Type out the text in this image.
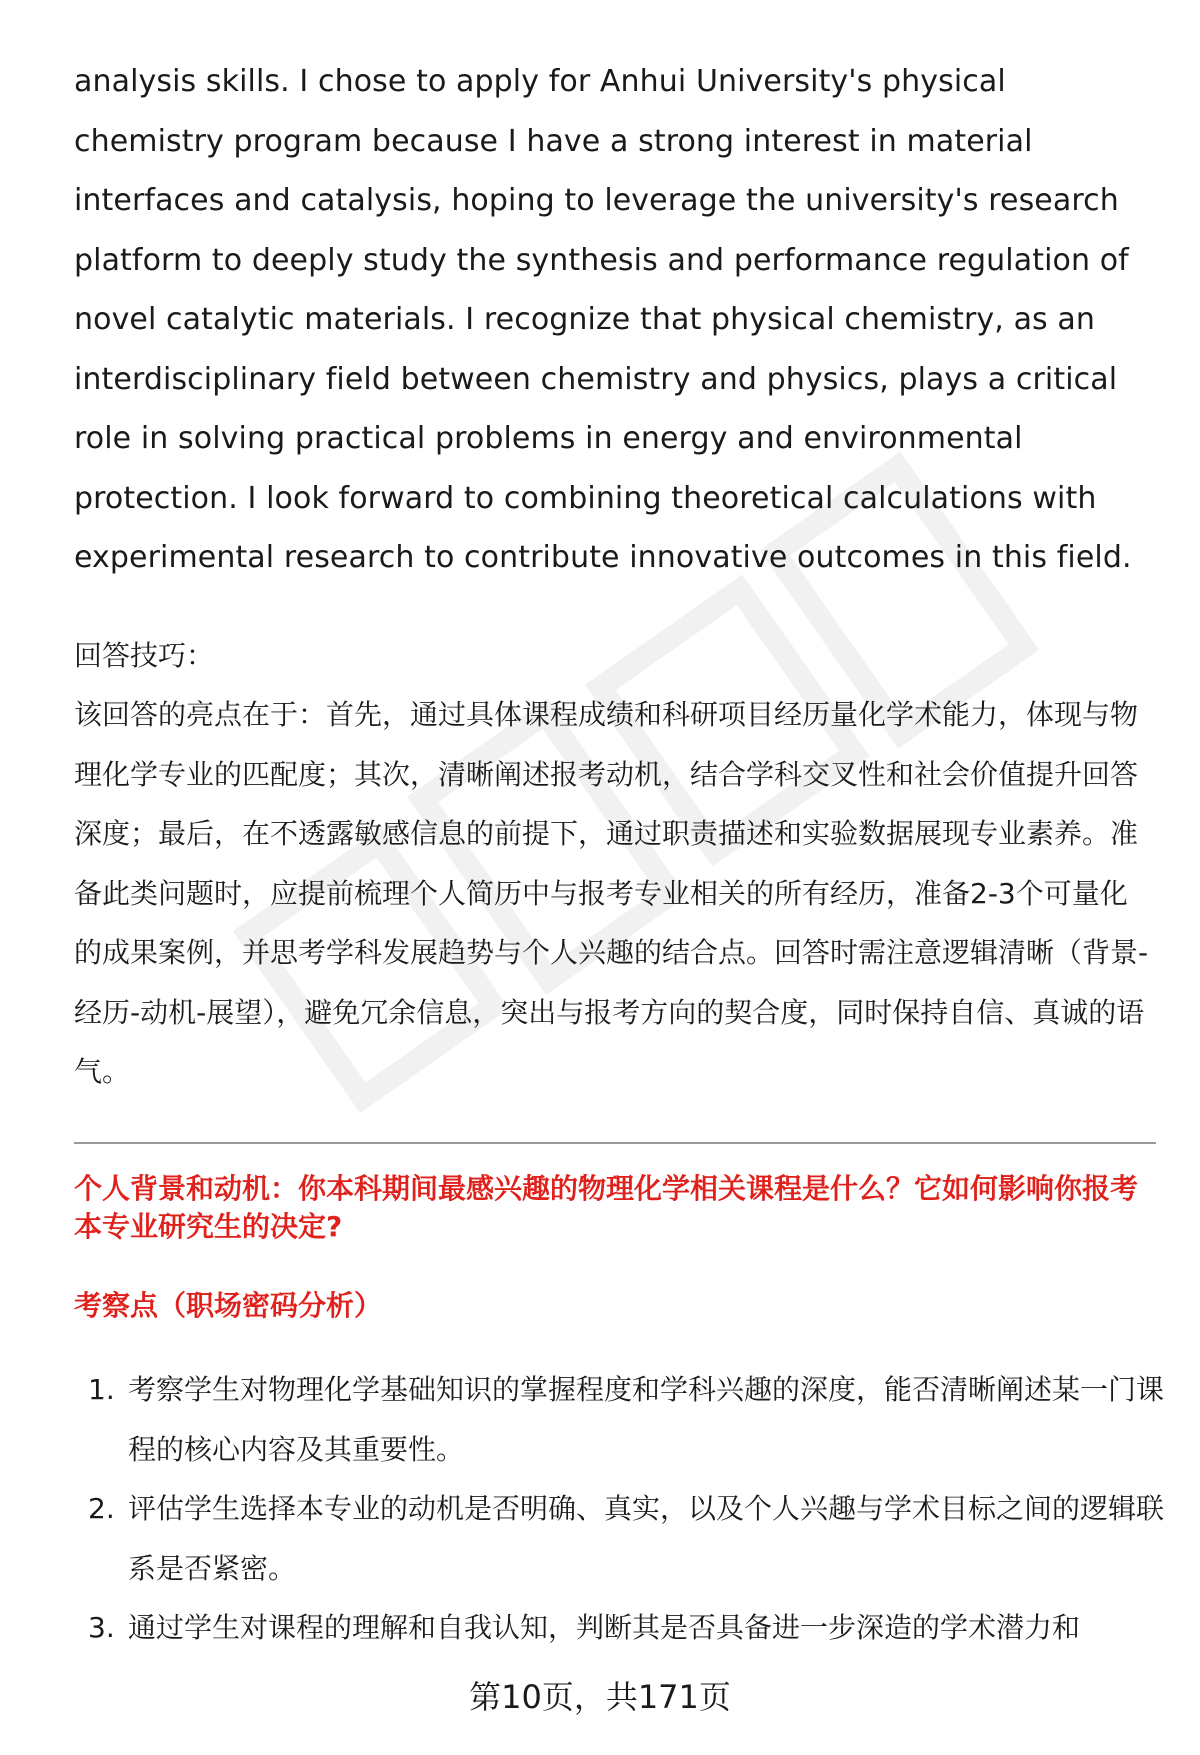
analysis skills. I chose to apply for Anhui University's physical chemistry program because I have a strong interest in material interfaces and catalysis, hoping to leverage the university's research platform to deeply study the synthesis and performance regulation of novel catalytic materials. I recognize that physical chemistry, as an interdisciplinary field between chemistry and physics, plays a critical role in solving practical problems in energy and environmental protection. I look forward to combining theoretical calculations with experimental research to contribute innovative outcomes in this field.

回答技巧：

该回答的亮点在于：首先，通过具体课程成绩和科研项目经历量化学术能力，体现与物理化学专业的匹配度；其次，清晰阐述报考动机，结合学科交叉性和社会价值提升回答深度；最后，在不透露敏感信息的前提下，通过职责描述和实验数据展现专业素养。准备此类问题时，应提前梳理个人简历中与报考专业相关的所有经历，准备2-3个可量化的成果案例，并思考学科发展趋势与个人兴趣的结合点。回答时需注意逻辑清晰（背景-经历-动机-展望），避免冗余信息，突出与报考方向的契合度，同时保持自信、真诚的语气。

个人背景和动机：你本科期间最感兴趣的物理化学相关课程是什么？它如何影响你报考本专业研究生的决定?

考察点（职场密码分析）

1. 考察学生对物理化学基础知识的掌握程度和学科兴趣的深度，能否清晰阐述某一门课程的核心内容及其重要性。
2. 评估学生选择本专业的动机是否明确、真实，以及个人兴趣与学术目标之间的逻辑联系是否紧密。
3. 通过学生对课程的理解和自我认知，判断其是否具备进一步深造的学术潜力和
第10页，共171页
